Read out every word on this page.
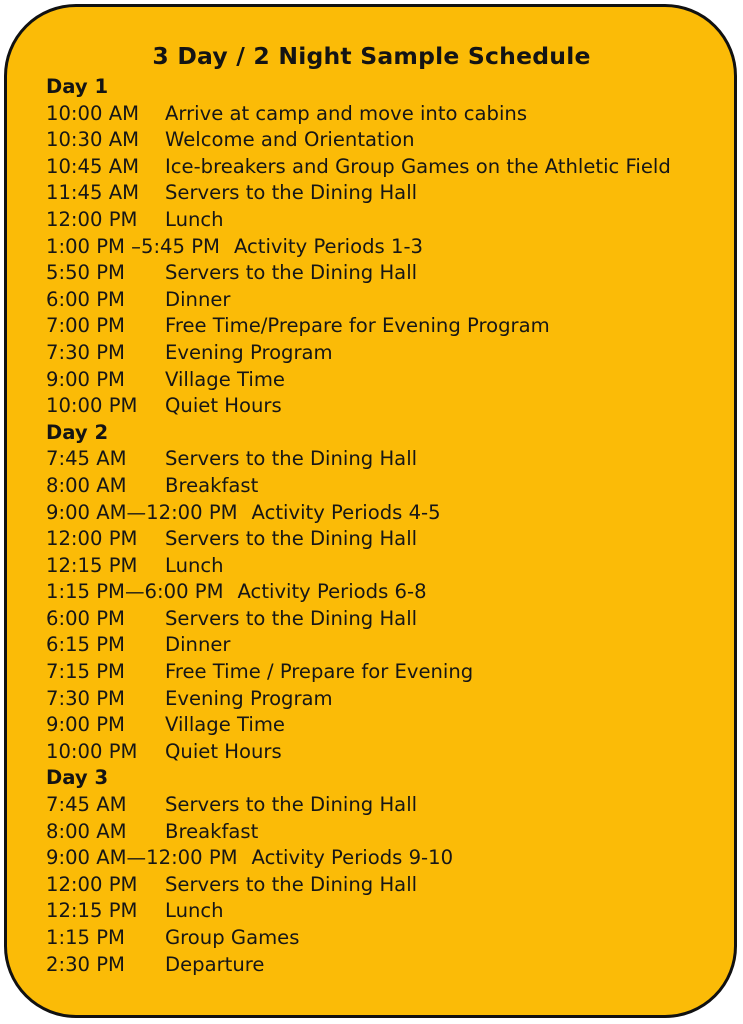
3 Day / 2 Night Sample Schedule
Day 1
10:00 AM Arrive at camp and move into cabins
10:30 AM Welcome and Orientation
10:45 AM Ice-breakers and Group Games on the Athletic Field
11:45 AM Servers to the Dining Hall
12:00 PM Lunch
1:00 PM –5:45 PM Activity Periods 1-3
5:50 PM Servers to the Dining Hall
6:00 PM Dinner
7:00 PM Free Time/Prepare for Evening Program
7:30 PM Evening Program
9:00 PM Village Time
10:00 PM Quiet Hours
Day 2
7:45 AM Servers to the Dining Hall
8:00 AM Breakfast
9:00 AM—12:00 PM Activity Periods 4-5
12:00 PM Servers to the Dining Hall
12:15 PM Lunch
1:15 PM—6:00 PM Activity Periods 6-8
6:00 PM Servers to the Dining Hall
6:15 PM Dinner
7:15 PM Free Time / Prepare for Evening
7:30 PM Evening Program
9:00 PM Village Time
10:00 PM Quiet Hours
Day 3
7:45 AM Servers to the Dining Hall
8:00 AM Breakfast
9:00 AM—12:00 PM Activity Periods 9-10
12:00 PM Servers to the Dining Hall
12:15 PM Lunch
1:15 PM Group Games
2:30 PM Departure
